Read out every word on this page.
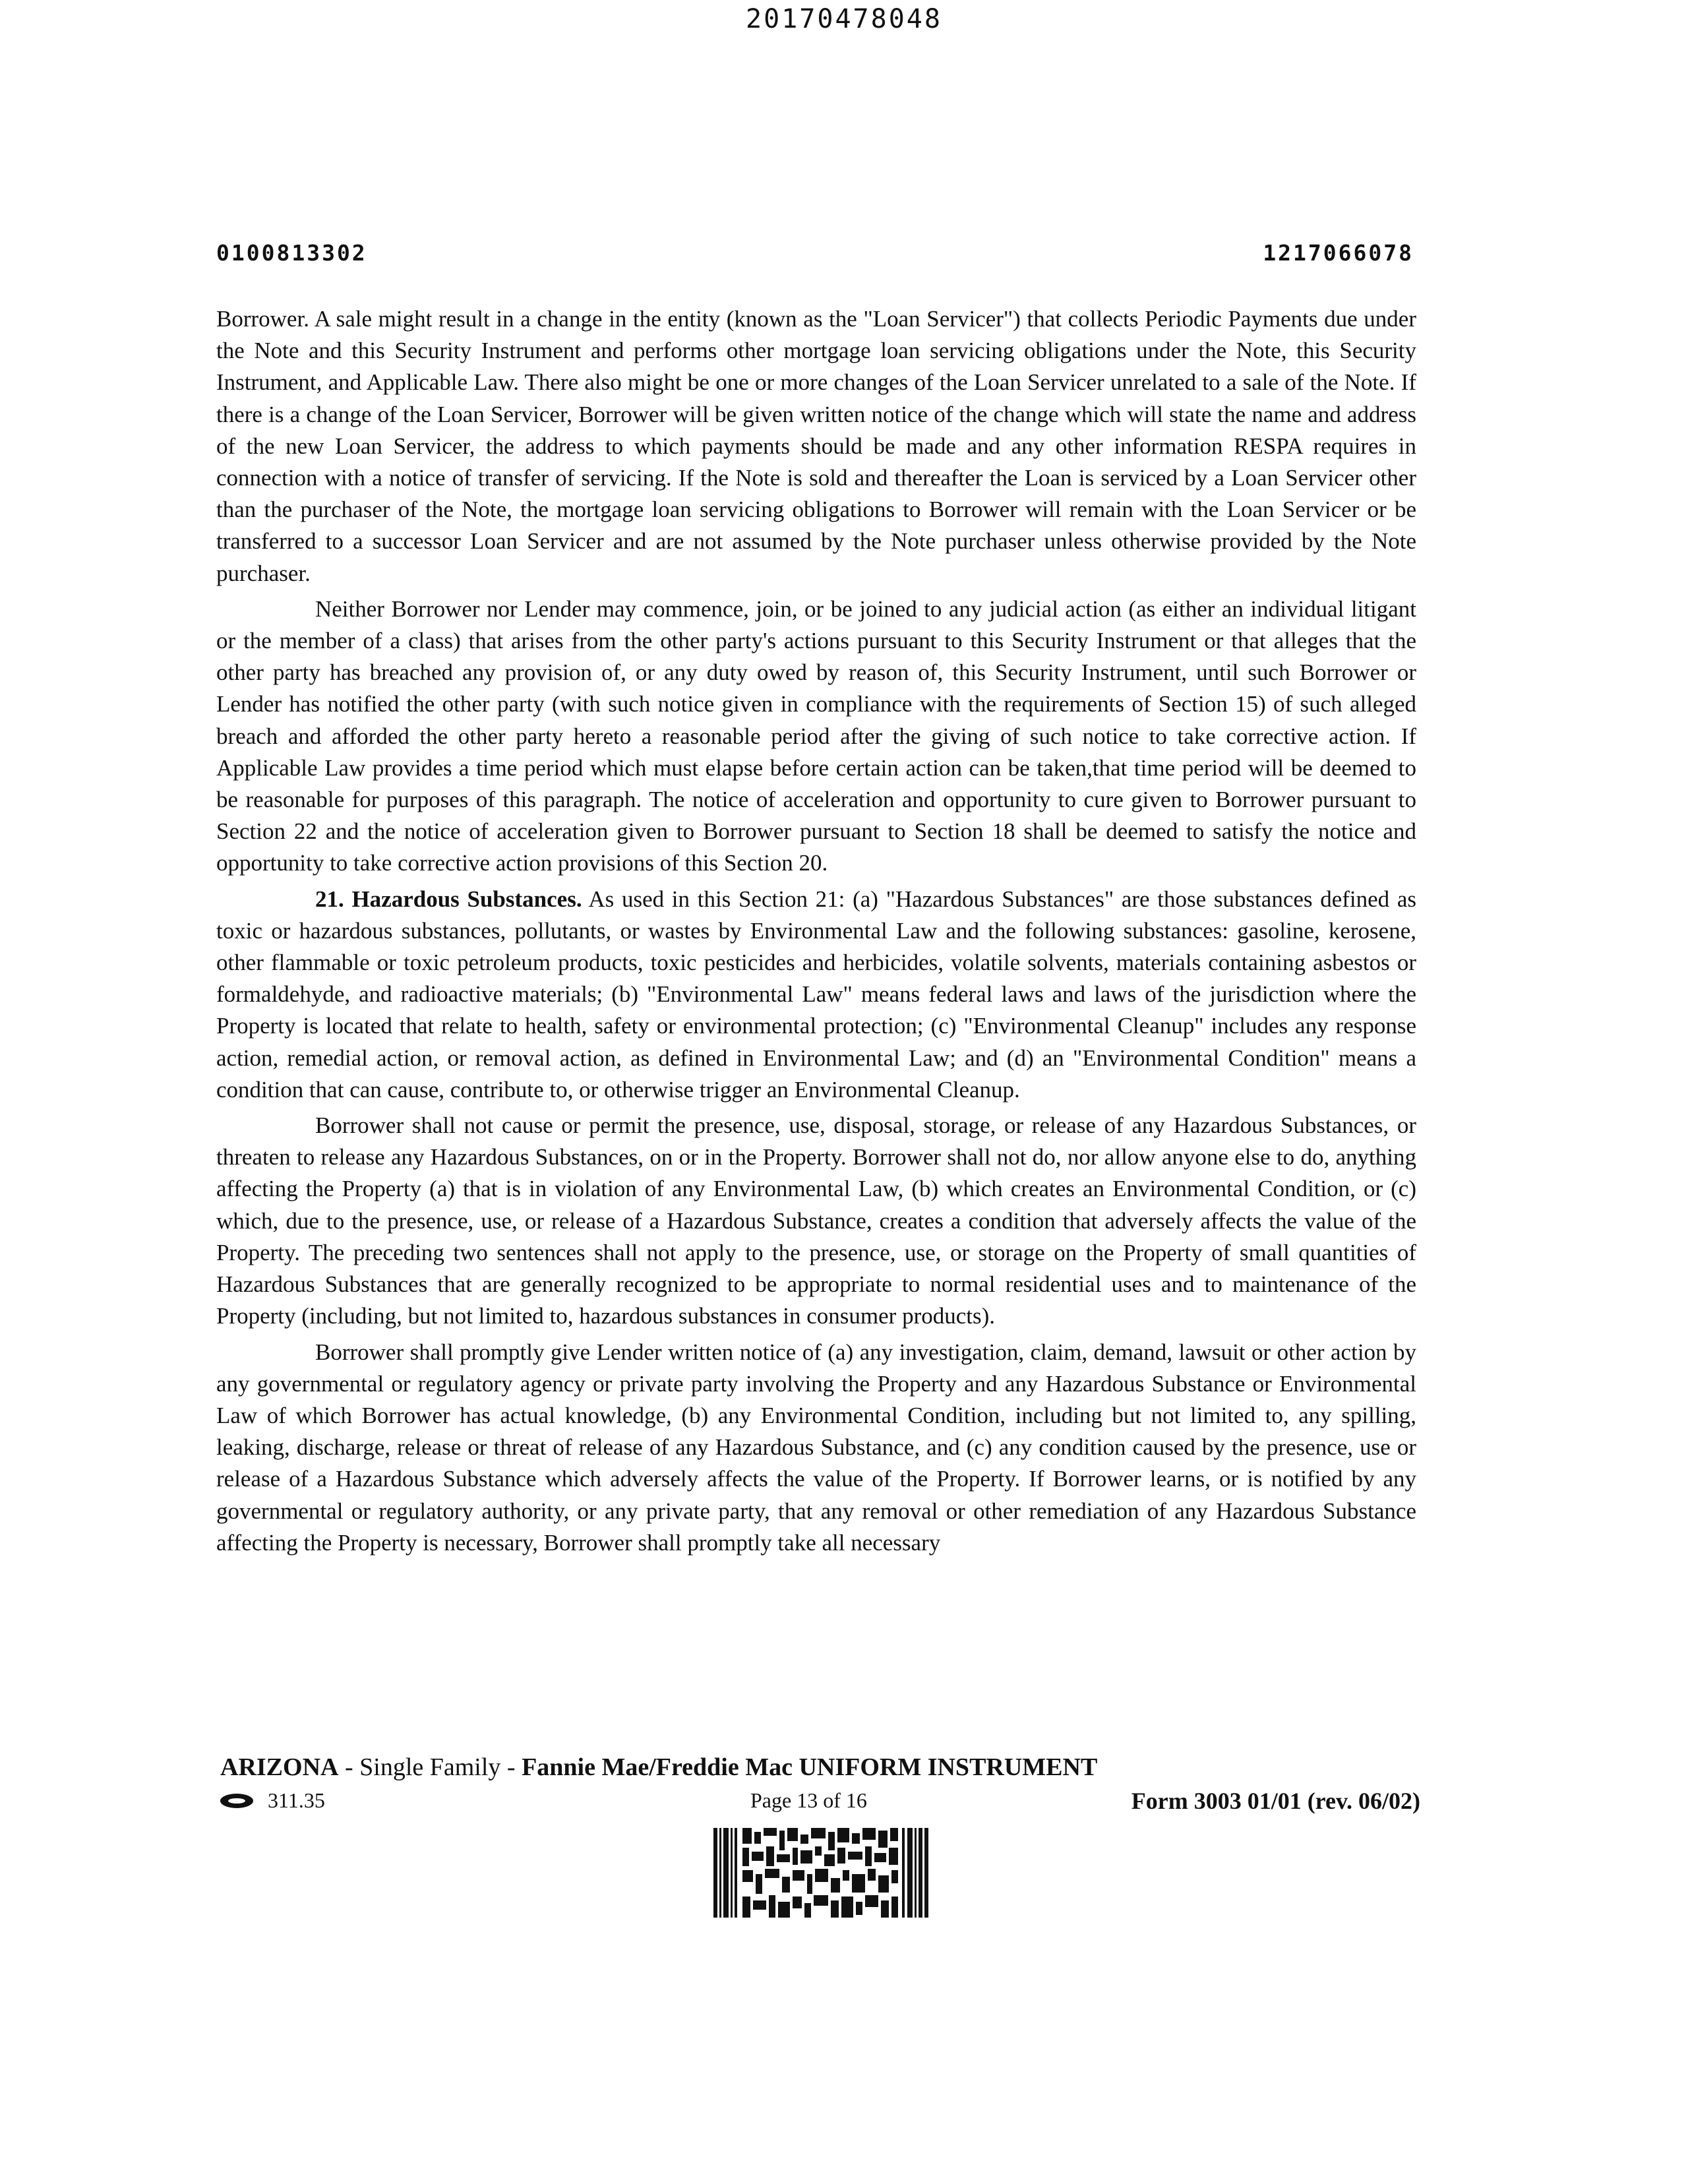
20170478048
0100813302	1217066078

Borrower. A sale might result in a change in the entity (known as the "Loan Servicer") that collects Periodic Payments due under the Note and this Security Instrument and performs other mortgage loan servicing obligations under the Note, this Security Instrument, and Applicable Law. There also might be one or more changes of the Loan Servicer unrelated to a sale of the Note. If there is a change of the Loan Servicer, Borrower will be given written notice of the change which will state the name and address of the new Loan Servicer, the address to which payments should be made and any other information RESPA requires in connection with a notice of transfer of servicing. If the Note is sold and thereafter the Loan is serviced by a Loan Servicer other than the purchaser of the Note, the mortgage loan servicing obligations to Borrower will remain with the Loan Servicer or be transferred to a successor Loan Servicer and are not assumed by the Note purchaser unless otherwise provided by the Note purchaser.

Neither Borrower nor Lender may commence, join, or be joined to any judicial action (as either an individual litigant or the member of a class) that arises from the other party's actions pursuant to this Security Instrument or that alleges that the other party has breached any provision of, or any duty owed by reason of, this Security Instrument, until such Borrower or Lender has notified the other party (with such notice given in compliance with the requirements of Section 15) of such alleged breach and afforded the other party hereto a reasonable period after the giving of such notice to take corrective action. If Applicable Law provides a time period which must elapse before certain action can be taken,that time period will be deemed to be reasonable for purposes of this paragraph. The notice of acceleration and opportunity to cure given to Borrower pursuant to Section 22 and the notice of acceleration given to Borrower pursuant to Section 18 shall be deemed to satisfy the notice and opportunity to take corrective action provisions of this Section 20.

21. Hazardous Substances. As used in this Section 21: (a) "Hazardous Substances" are those substances defined as toxic or hazardous substances, pollutants, or wastes by Environmental Law and the following substances: gasoline, kerosene, other flammable or toxic petroleum products, toxic pesticides and herbicides, volatile solvents, materials containing asbestos or formaldehyde, and radioactive materials; (b) "Environmental Law" means federal laws and laws of the jurisdiction where the Property is located that relate to health, safety or environmental protection; (c) "Environmental Cleanup" includes any response action, remedial action, or removal action, as defined in Environmental Law; and (d) an "Environmental Condition" means a condition that can cause, contribute to, or otherwise trigger an Environmental Cleanup.

Borrower shall not cause or permit the presence, use, disposal, storage, or release of any Hazardous Substances, or threaten to release any Hazardous Substances, on or in the Property. Borrower shall not do, nor allow anyone else to do, anything affecting the Property (a) that is in violation of any Environmental Law, (b) which creates an Environmental Condition, or (c) which, due to the presence, use, or release of a Hazardous Substance, creates a condition that adversely affects the value of the Property. The preceding two sentences shall not apply to the presence, use, or storage on the Property of small quantities of Hazardous Substances that are generally recognized to be appropriate to normal residential uses and to maintenance of the Property (including, but not limited to, hazardous substances in consumer products).

Borrower shall promptly give Lender written notice of (a) any investigation, claim, demand, lawsuit or other action by any governmental or regulatory agency or private party involving the Property and any Hazardous Substance or Environmental Law of which Borrower has actual knowledge, (b) any Environmental Condition, including but not limited to, any spilling, leaking, discharge, release or threat of release of any Hazardous Substance, and (c) any condition caused by the presence, use or release of a Hazardous Substance which adversely affects the value of the Property. If Borrower learns, or is notified by any governmental or regulatory authority, or any private party, that any removal or other remediation of any Hazardous Substance affecting the Property is necessary, Borrower shall promptly take all necessary

ARIZONA - Single Family - Fannie Mae/Freddie Mac UNIFORM INSTRUMENT
311.35	Page 13 of 16	Form 3003 01/01 (rev. 06/02)
